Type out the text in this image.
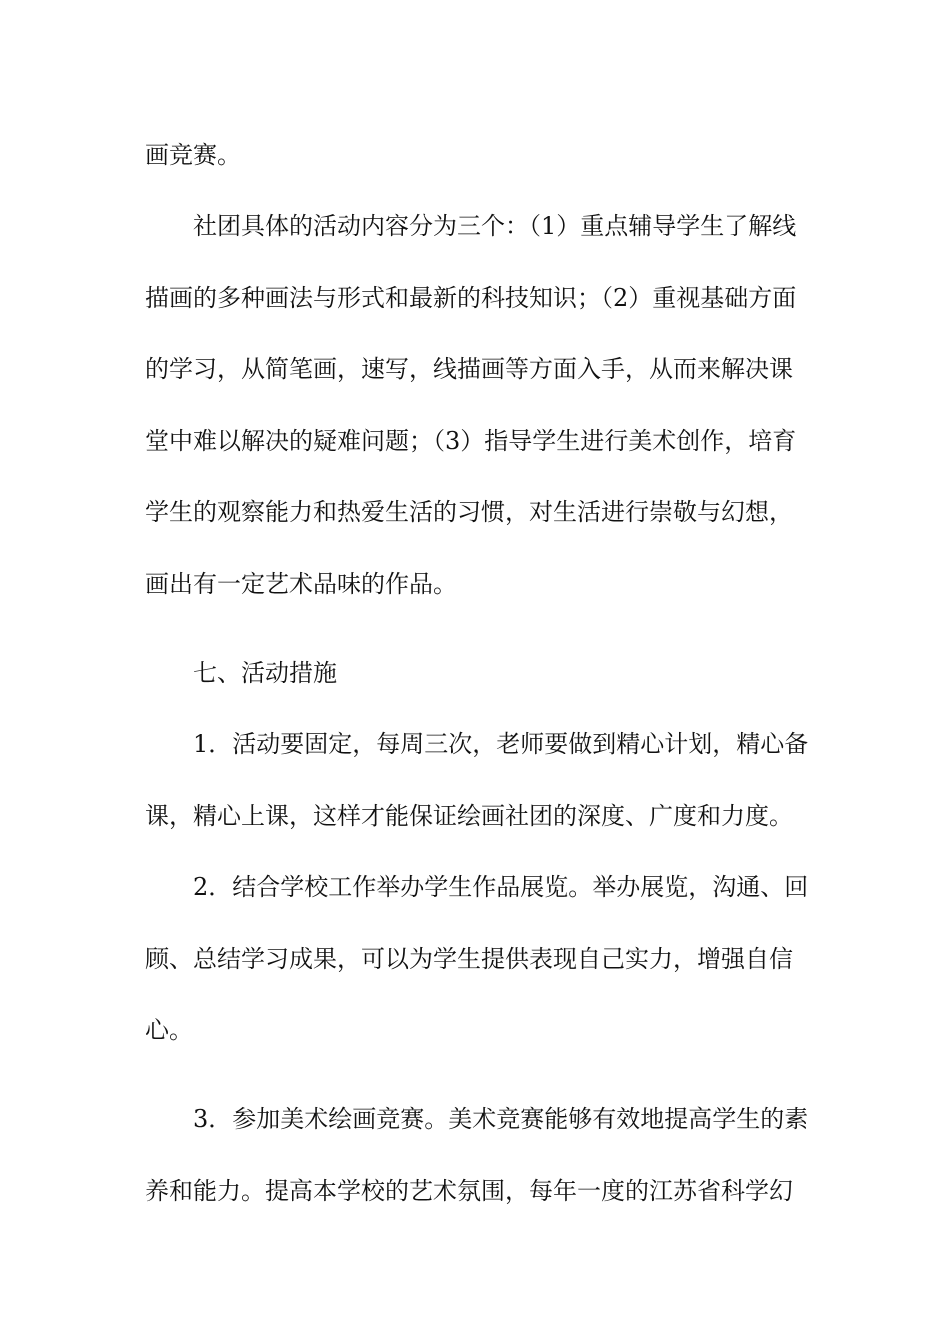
画竞赛。
社团具体的活动内容分为三个：（1）重点辅导学生了解线
描画的多种画法与形式和最新的科技知识；（2）重视基础方面
的学习，从简笔画，速写，线描画等方面入手，从而来解决课
堂中难以解决的疑难问题；（3）指导学生进行美术创作，培育
学生的观察能力和热爱生活的习惯，对生活进行崇敬与幻想，
画出有一定艺术品味的作品。
七、活动措施
1．活动要固定，每周三次，老师要做到精心计划，精心备
课，精心上课，这样才能保证绘画社团的深度、广度和力度。
2．结合学校工作举办学生作品展览。举办展览，沟通、回
顾、总结学习成果，可以为学生提供表现自己实力，增强自信
心。
3．参加美术绘画竞赛。美术竞赛能够有效地提高学生的素
养和能力。提高本学校的艺术氛围，每年一度的江苏省科学幻
